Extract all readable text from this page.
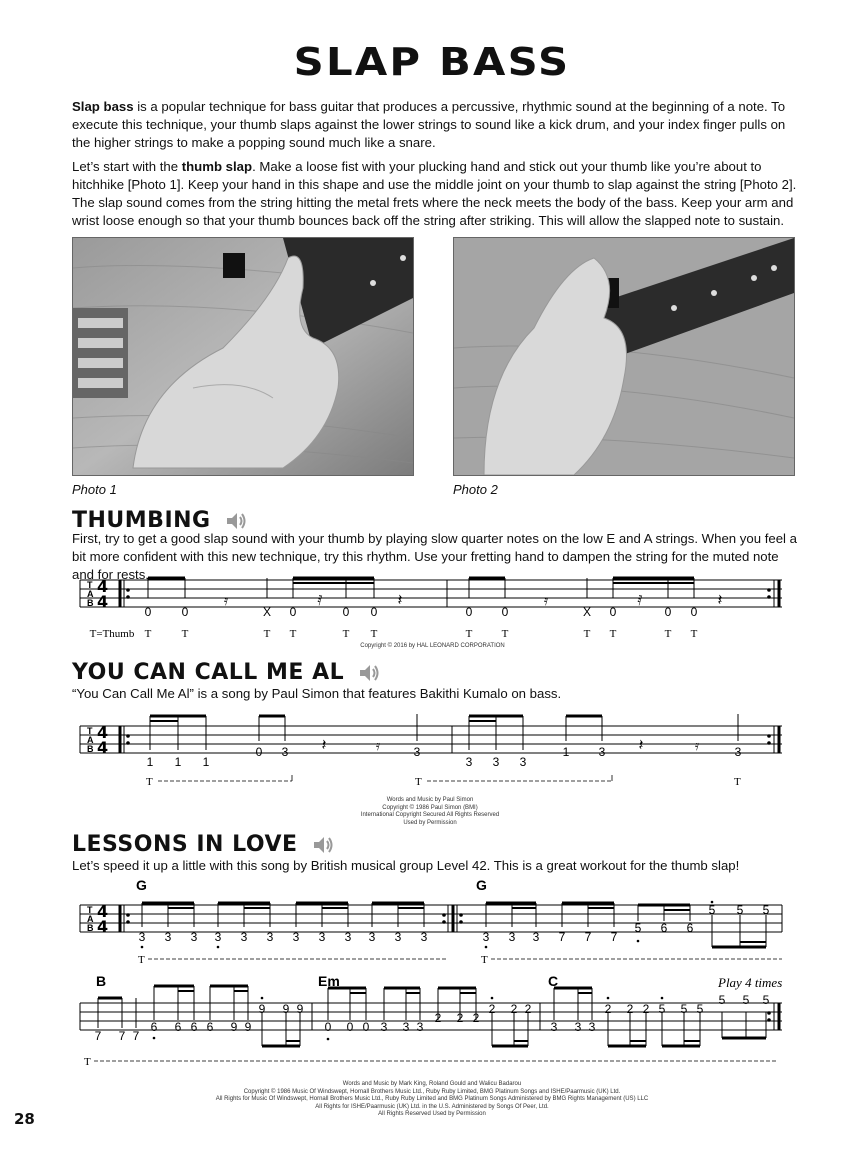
SLAP BASS
Slap bass is a popular technique for bass guitar that produces a percussive, rhythmic sound at the beginning of a note. To execute this technique, your thumb slaps against the lower strings to sound like a kick drum, and your index finger pulls on the higher strings to make a popping sound much like a snare.
Let’s start with the thumb slap. Make a loose fist with your plucking hand and stick out your thumb like you’re about to hitchhike [Photo 1]. Keep your hand in this shape and use the middle joint on your thumb to slap against the string [Photo 2]. The slap sound comes from the string hitting the metal frets where the neck meets the body of the bass. Keep your arm and wrist loose enough so that your thumb bounces back off the string after striking. This will allow the slapped note to sustain.
Photo 1	Photo 2
THUMBING
First, try to get a good slap sound with your thumb by playing slow quarter notes on the low E and A strings. When you feel a bit more confident with this new technique, try this rhythm. Use your fretting hand to dampen the string for the muted note and for rests.
T
A
B
4
4
0	0
𝄿
X 0
𝅀
0 0
𝄽
0 0
𝄿
X 0
𝅀
0 0
𝄽
T=Thumb T	T	T T	T T	T	T	T T	T T
Copyright © 2016 by HAL LEONARD CORPORATION
YOU CAN CALL ME AL
“You Can Call Me Al” is a song by Paul Simon that features Bakithi Kumalo on bass.
T
A
B
4
4
1 1 1
0 3 𝄽	𝄿	3
3 3 3
1 3 𝄽	𝄿	3
T	T	T
Words and Music by Paul Simon
Copyright © 1986 Paul Simon (BMI)
International Copyright Secured All Rights Reserved
Used by Permission
LESSONS IN LOVE
Let’s speed it up a little with this song by British musical group Level 42. This is a great workout for the thumb slap!
G	G
T
A
B
4
4
3 3 3 3 3 3 3 3 3 3 3 3	3 3 3 7 7 7
5 6 6
5 5 5
T	T
B	Em	C	Play 4 times
7 7 7
6 6 6 6 9 9
9 9 9
0 0 0 3 3 3
2 2 2
2 2 2
3 3 3
2 2 2 5 5 5
5 5 5
T
Words and Music by Mark King, Roland Gould and Walicu Badarou
Copyright © 1986 Music Of Windswept, Hornall Brothers Music Ltd., Ruby Ruby Limited, BMG Platinum Songs and ISHE/Paarmusic (UK) Ltd.
All Rights for Music Of Windswept, Hornall Brothers Music Ltd., Ruby Ruby Limited and BMG Platinum Songs Administered by BMG Rights Management (US) LLC
All Rights for ISHE/Paarmusic (UK) Ltd. in the U.S. Administered by Songs Of Peer, Ltd.
All Rights Reserved Used by Permission
28
